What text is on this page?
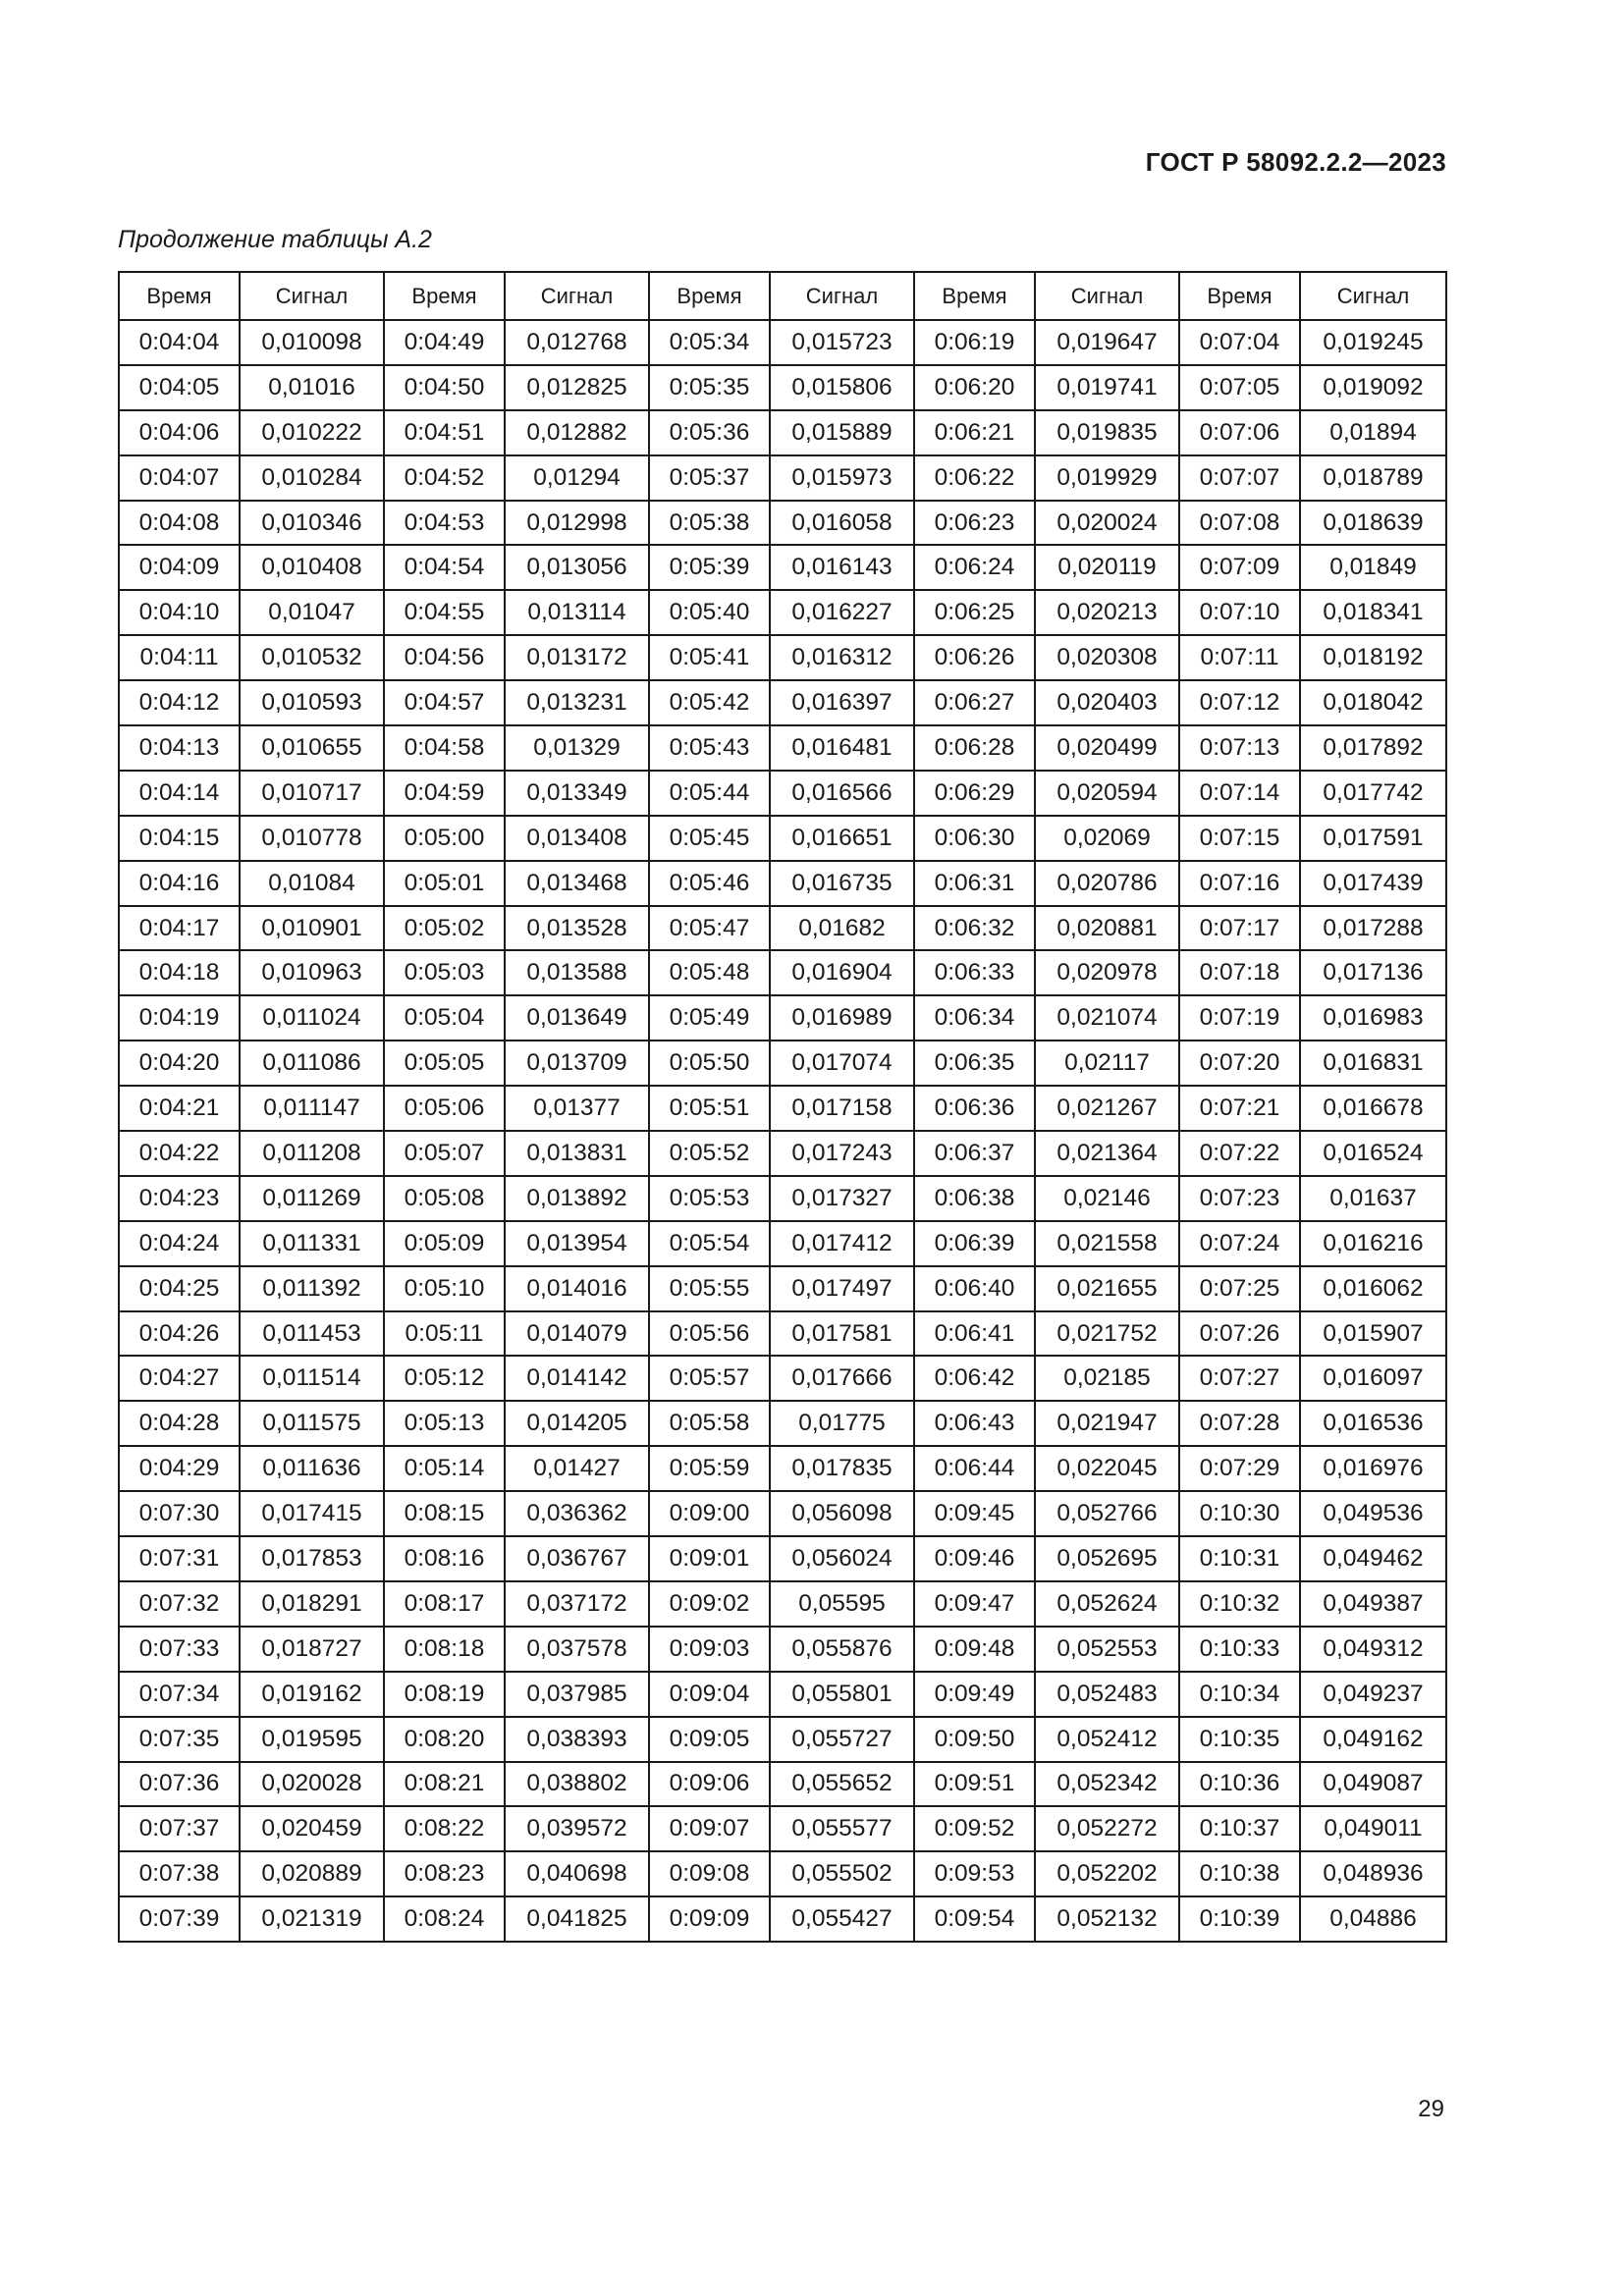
ГОСТ Р 58092.2.2—2023
Продолжение таблицы А.2
Время	Сигнал	Время	Сигнал	Время	Сигнал	Время	Сигнал	Время	Сигнал
0:04:04	0,010098	0:04:49	0,012768	0:05:34	0,015723	0:06:19	0,019647	0:07:04	0,019245
0:04:05	0,01016	0:04:50	0,012825	0:05:35	0,015806	0:06:20	0,019741	0:07:05	0,019092
0:04:06	0,010222	0:04:51	0,012882	0:05:36	0,015889	0:06:21	0,019835	0:07:06	0,01894
0:04:07	0,010284	0:04:52	0,01294	0:05:37	0,015973	0:06:22	0,019929	0:07:07	0,018789
0:04:08	0,010346	0:04:53	0,012998	0:05:38	0,016058	0:06:23	0,020024	0:07:08	0,018639
0:04:09	0,010408	0:04:54	0,013056	0:05:39	0,016143	0:06:24	0,020119	0:07:09	0,01849
0:04:10	0,01047	0:04:55	0,013114	0:05:40	0,016227	0:06:25	0,020213	0:07:10	0,018341
0:04:11	0,010532	0:04:56	0,013172	0:05:41	0,016312	0:06:26	0,020308	0:07:11	0,018192
0:04:12	0,010593	0:04:57	0,013231	0:05:42	0,016397	0:06:27	0,020403	0:07:12	0,018042
0:04:13	0,010655	0:04:58	0,01329	0:05:43	0,016481	0:06:28	0,020499	0:07:13	0,017892
0:04:14	0,010717	0:04:59	0,013349	0:05:44	0,016566	0:06:29	0,020594	0:07:14	0,017742
0:04:15	0,010778	0:05:00	0,013408	0:05:45	0,016651	0:06:30	0,02069	0:07:15	0,017591
0:04:16	0,01084	0:05:01	0,013468	0:05:46	0,016735	0:06:31	0,020786	0:07:16	0,017439
0:04:17	0,010901	0:05:02	0,013528	0:05:47	0,01682	0:06:32	0,020881	0:07:17	0,017288
0:04:18	0,010963	0:05:03	0,013588	0:05:48	0,016904	0:06:33	0,020978	0:07:18	0,017136
0:04:19	0,011024	0:05:04	0,013649	0:05:49	0,016989	0:06:34	0,021074	0:07:19	0,016983
0:04:20	0,011086	0:05:05	0,013709	0:05:50	0,017074	0:06:35	0,02117	0:07:20	0,016831
0:04:21	0,011147	0:05:06	0,01377	0:05:51	0,017158	0:06:36	0,021267	0:07:21	0,016678
0:04:22	0,011208	0:05:07	0,013831	0:05:52	0,017243	0:06:37	0,021364	0:07:22	0,016524
0:04:23	0,011269	0:05:08	0,013892	0:05:53	0,017327	0:06:38	0,02146	0:07:23	0,01637
0:04:24	0,011331	0:05:09	0,013954	0:05:54	0,017412	0:06:39	0,021558	0:07:24	0,016216
0:04:25	0,011392	0:05:10	0,014016	0:05:55	0,017497	0:06:40	0,021655	0:07:25	0,016062
0:04:26	0,011453	0:05:11	0,014079	0:05:56	0,017581	0:06:41	0,021752	0:07:26	0,015907
0:04:27	0,011514	0:05:12	0,014142	0:05:57	0,017666	0:06:42	0,02185	0:07:27	0,016097
0:04:28	0,011575	0:05:13	0,014205	0:05:58	0,01775	0:06:43	0,021947	0:07:28	0,016536
0:04:29	0,011636	0:05:14	0,01427	0:05:59	0,017835	0:06:44	0,022045	0:07:29	0,016976
0:07:30	0,017415	0:08:15	0,036362	0:09:00	0,056098	0:09:45	0,052766	0:10:30	0,049536
0:07:31	0,017853	0:08:16	0,036767	0:09:01	0,056024	0:09:46	0,052695	0:10:31	0,049462
0:07:32	0,018291	0:08:17	0,037172	0:09:02	0,05595	0:09:47	0,052624	0:10:32	0,049387
0:07:33	0,018727	0:08:18	0,037578	0:09:03	0,055876	0:09:48	0,052553	0:10:33	0,049312
0:07:34	0,019162	0:08:19	0,037985	0:09:04	0,055801	0:09:49	0,052483	0:10:34	0,049237
0:07:35	0,019595	0:08:20	0,038393	0:09:05	0,055727	0:09:50	0,052412	0:10:35	0,049162
0:07:36	0,020028	0:08:21	0,038802	0:09:06	0,055652	0:09:51	0,052342	0:10:36	0,049087
0:07:37	0,020459	0:08:22	0,039572	0:09:07	0,055577	0:09:52	0,052272	0:10:37	0,049011
0:07:38	0,020889	0:08:23	0,040698	0:09:08	0,055502	0:09:53	0,052202	0:10:38	0,048936
0:07:39	0,021319	0:08:24	0,041825	0:09:09	0,055427	0:09:54	0,052132	0:10:39	0,04886
29
